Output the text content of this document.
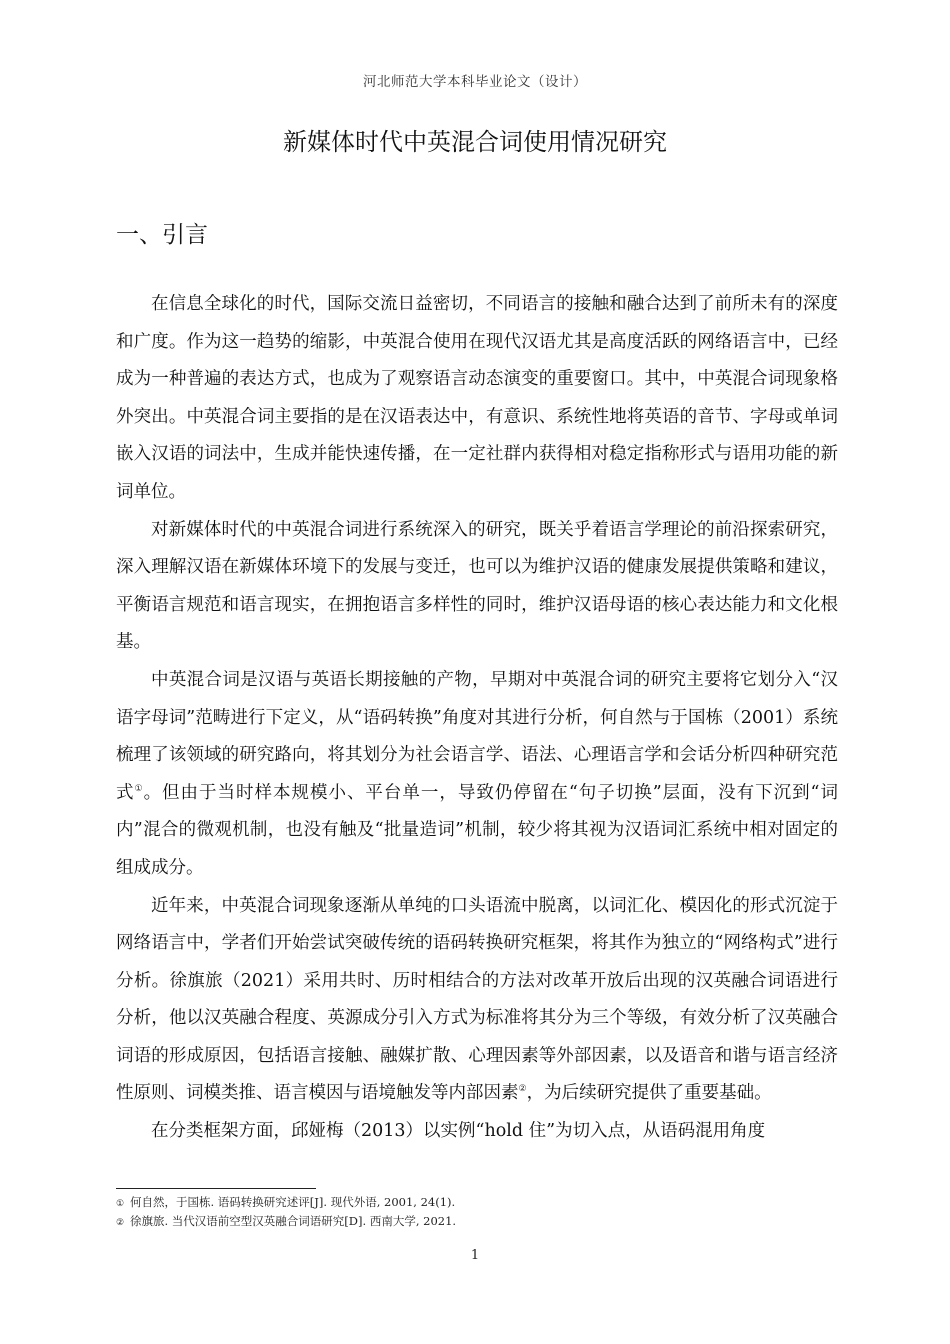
河北师范大学本科毕业论文（设计）
新媒体时代中英混合词使用情况研究
一、引言

在信息全球化的时代，国际交流日益密切，不同语言的接触和融合达到了前所未有的深度和广度。作为这一趋势的缩影，中英混合使用在现代汉语尤其是高度活跃的网络语言中，已经成为一种普遍的表达方式，也成为了观察语言动态演变的重要窗口。其中，中英混合词现象格外突出。中英混合词主要指的是在汉语表达中，有意识、系统性地将英语的音节、字母或单词嵌入汉语的词法中，生成并能快速传播，在一定社群内获得相对稳定指称形式与语用功能的新词单位。

对新媒体时代的中英混合词进行系统深入的研究，既关乎着语言学理论的前沿探索研究，深入理解汉语在新媒体环境下的发展与变迁，也可以为维护汉语的健康发展提供策略和建议，平衡语言规范和语言现实，在拥抱语言多样性的同时，维护汉语母语的核心表达能力和文化根基。

中英混合词是汉语与英语长期接触的产物，早期对中英混合词的研究主要将它划分入“汉语字母词”范畴进行下定义，从“语码转换”角度对其进行分析，何自然与于国栋（2001）系统梳理了该领域的研究路向，将其划分为社会语言学、语法、心理语言学和会话分析四种研究范式①。但由于当时样本规模小、平台单一，导致仍停留在“句子切换”层面，没有下沉到“词内”混合的微观机制，也没有触及“批量造词”机制，较少将其视为汉语词汇系统中相对固定的组成成分。

近年来，中英混合词现象逐渐从单纯的口头语流中脱离，以词汇化、模因化的形式沉淀于网络语言中，学者们开始尝试突破传统的语码转换研究框架，将其作为独立的“网络构式”进行分析。徐旗旅（2021）采用共时、历时相结合的方法对改革开放后出现的汉英融合词语进行分析，他以汉英融合程度、英源成分引入方式为标准将其分为三个等级，有效分析了汉英融合词语的形成原因，包括语言接触、融媒扩散、心理因素等外部因素，以及语音和谐与语言经济性原则、词模类推、语言模因与语境触发等内部因素②，为后续研究提供了重要基础。

在分类框架方面，邱娅梅（2013）以实例“hold 住”为切入点，从语码混用角度

① 何自然，于国栋. 语码转换研究述评[J]. 现代外语, 2001, 24(1).

② 徐旗旅. 当代汉语前空型汉英融合词语研究[D]. 西南大学, 2021.

1
